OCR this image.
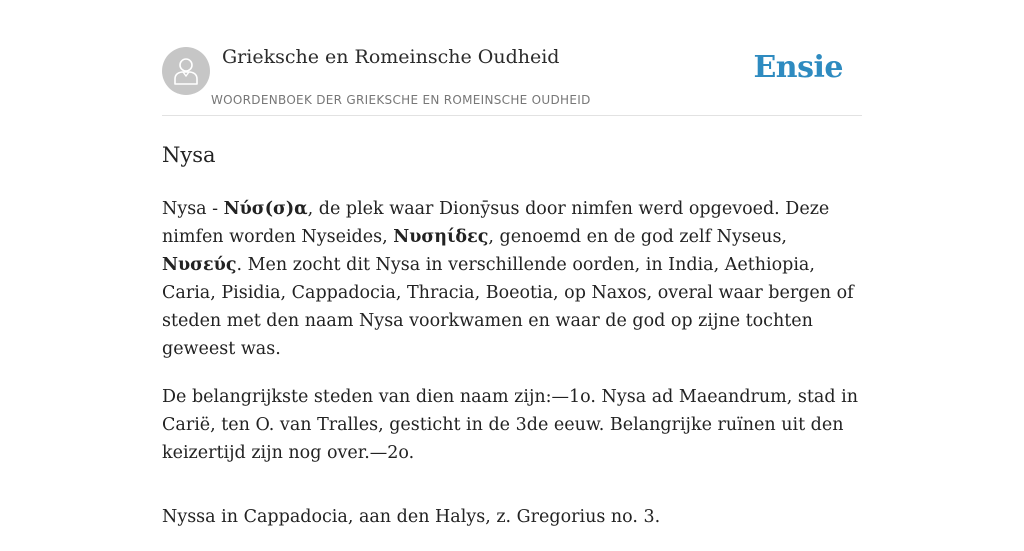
Grieksche en Romeinsche Oudheid
WOORDENBOEK DER GRIEKSCHE EN ROMEINSCHE OUDHEID
Ensie
Nysa

Nysa - Νύσ(σ)α, de plek waar Dionȳsus door nimfen werd opgevoed. Deze nimfen worden Nyseides, Νυσηίδες, genoemd en de god zelf Nyseus, Νυσεύς. Men zocht dit Nysa in verschillende oorden, in India, Aethiopia, Caria, Pisidia, Cappadocia, Thracia, Boeotia, op Naxos, overal waar bergen of steden met den naam Nysa voorkwamen en waar de god op zijne tochten geweest was.

De belangrijkste steden van dien naam zijn:—1o. Nysa ad Maeandrum, stad in Carië, ten O. van Tralles, gesticht in de 3de eeuw. Belangrijke ruïnen uit den keizertijd zijn nog over.—2o.

Nyssa in Cappadocia, aan den Halys, z. Gregorius no. 3.
